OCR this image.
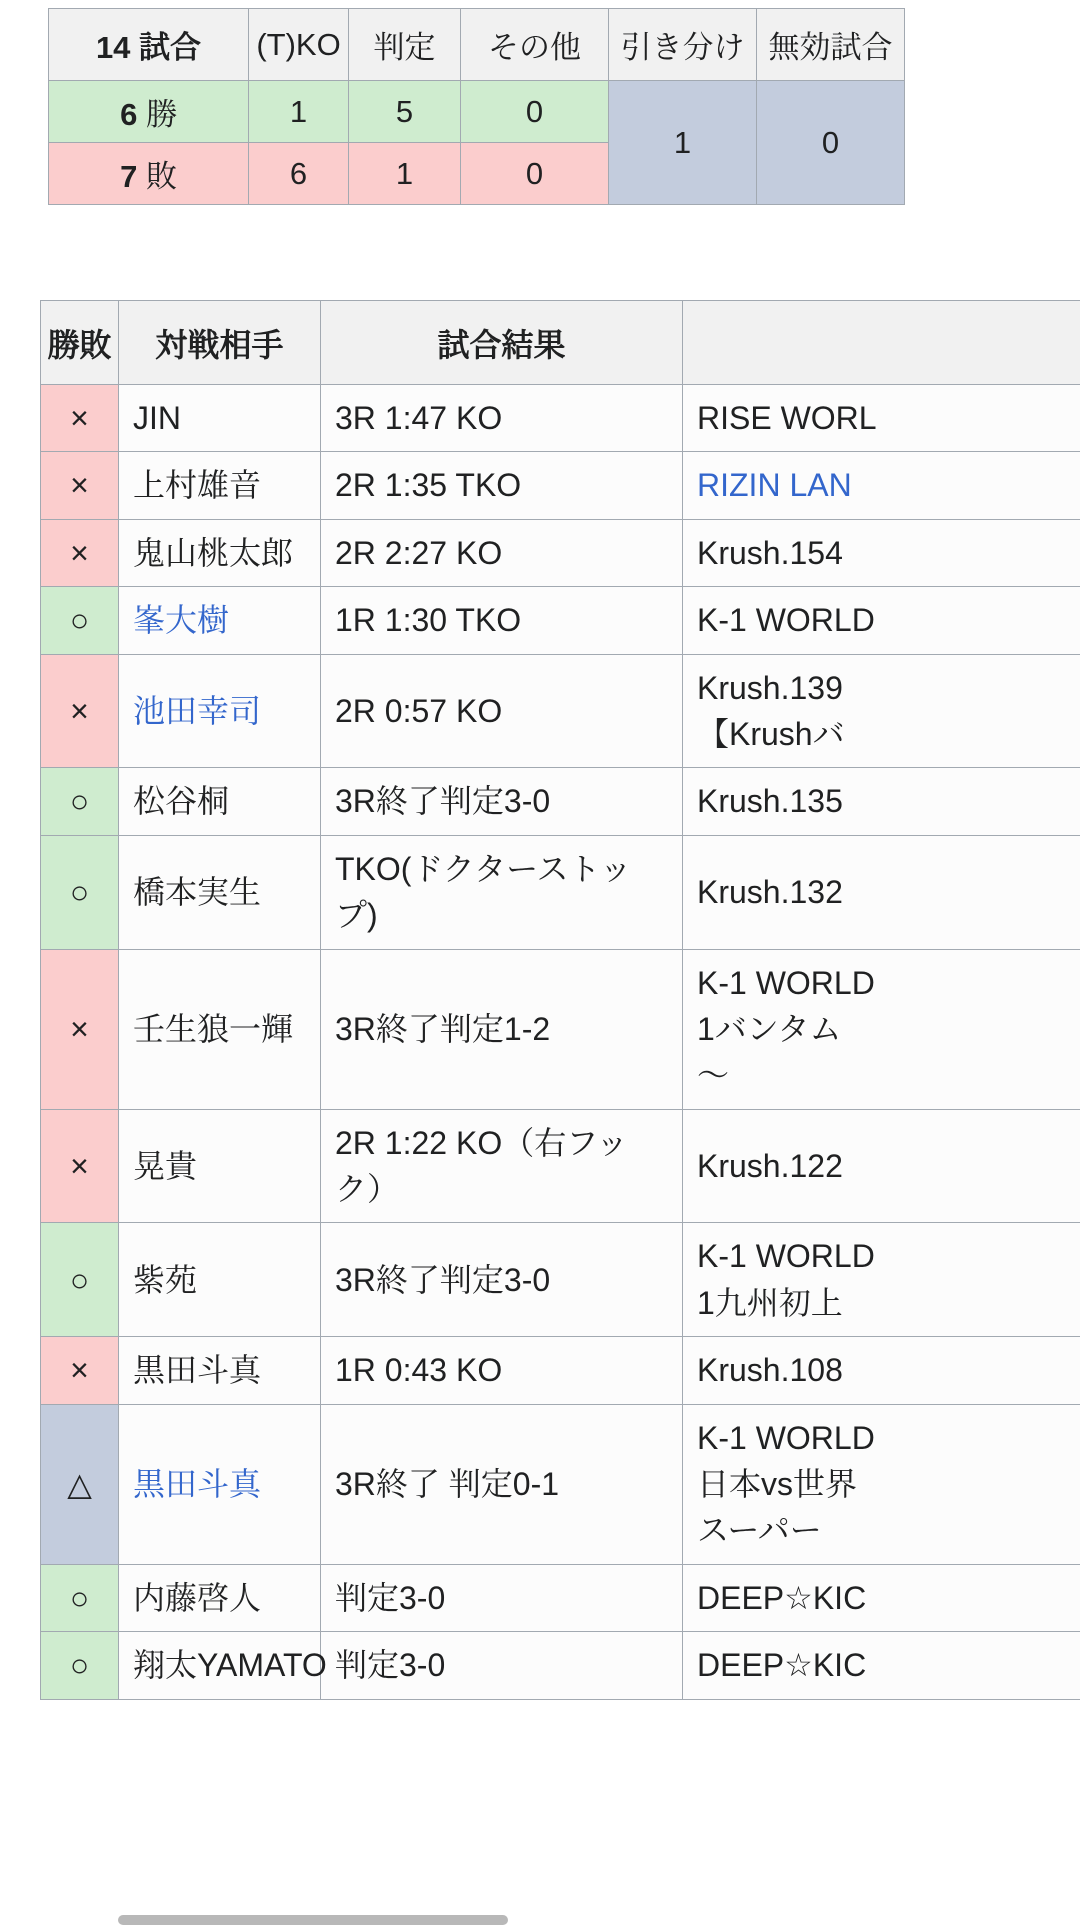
14 試合	(T)KO	判定	その他	引き分け	無効試合
6 勝	1	5	0	1	0
7 敗	6	1	0		
勝敗	対戦相手	試合結果	
×	JIN	3R 1:47 KO	RISE WORL

×	上村雄音	2R 1:35 TKO	RIZIN LAN

×	鬼山桃太郎	2R 2:27 KO	Krush.154

○	峯大樹	1R 1:30 TKO	K-1 WORLD

×	池田幸司	2R 0:57 KO	Krush.139
【Krushバ

○	松谷桐	3R終了判定3-0	Krush.135

○	橋本実生	TKO(ドクターストップ)	Krush.132

×	壬生狼一輝	3R終了判定1-2	K-1 WORLD
1バンタム
〜

×	晃貴	2R 1:22 KO（右フック）	Krush.122

○	紫苑	3R終了判定3-0	K-1 WORLD
1九州初上

×	黒田斗真	1R 0:43 KO	Krush.108

△	黒田斗真	3R終了 判定0-1	K-1 WORLD
日本vs世界
スーパー

○	内藤啓人	判定3-0	DEEP☆KIC

○	翔太YAMATO	判定3-0	DEEP☆KIC
